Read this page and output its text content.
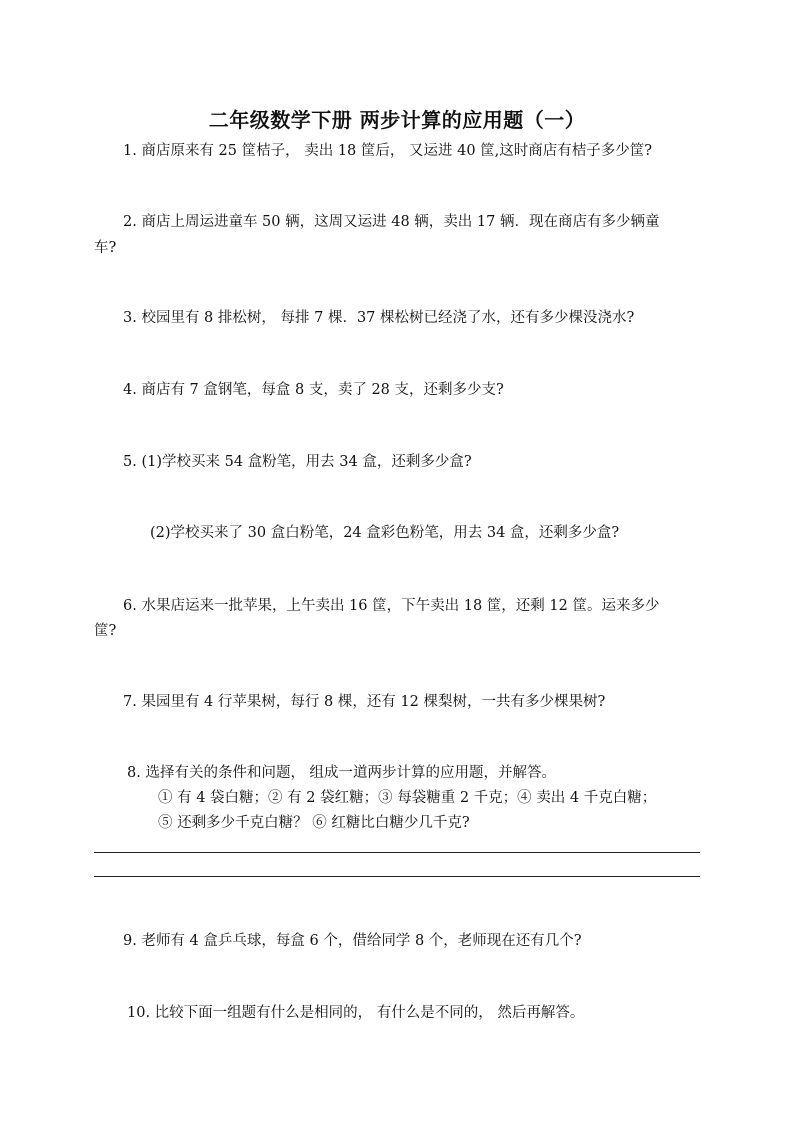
二年级数学下册 两步计算的应用题（一）
1. 商店原来有 25 筐桔子， 卖出 18 筐后， 又运进 40 筐,这时商店有桔子多少筐?
2. 商店上周运进童车 50 辆，这周又运进 48 辆，卖出 17 辆．现在商店有多少辆童
车?
3. 校园里有 8 排松树， 每排 7 棵．37 棵松树已经浇了水，还有多少棵没浇水?
4. 商店有 7 盒钢笔，每盒 8 支，卖了 28 支，还剩多少支?
5. (1)学校买来 54 盒粉笔，用去 34 盒，还剩多少盒?
(2)学校买来了 30 盒白粉笔，24 盒彩色粉笔，用去 34 盒，还剩多少盒?
6. 水果店运来一批苹果，上午卖出 16 筐，下午卖出 18 筐，还剩 12 筐。运来多少
筐?
7. 果园里有 4 行苹果树，每行 8 棵，还有 12 棵梨树，一共有多少棵果树?
8. 选择有关的条件和问题， 组成一道两步计算的应用题，并解答。
① 有 4 袋白糖；② 有 2 袋红糖；③ 每袋糖重 2 千克；④ 卖出 4 千克白糖；
⑤ 还剩多少千克白糖？ ⑥ 红糖比白糖少几千克?
9. 老师有 4 盒乒乓球，每盒 6 个，借给同学 8 个，老师现在还有几个?
10. 比较下面一组题有什么是相同的， 有什么是不同的， 然后再解答。
